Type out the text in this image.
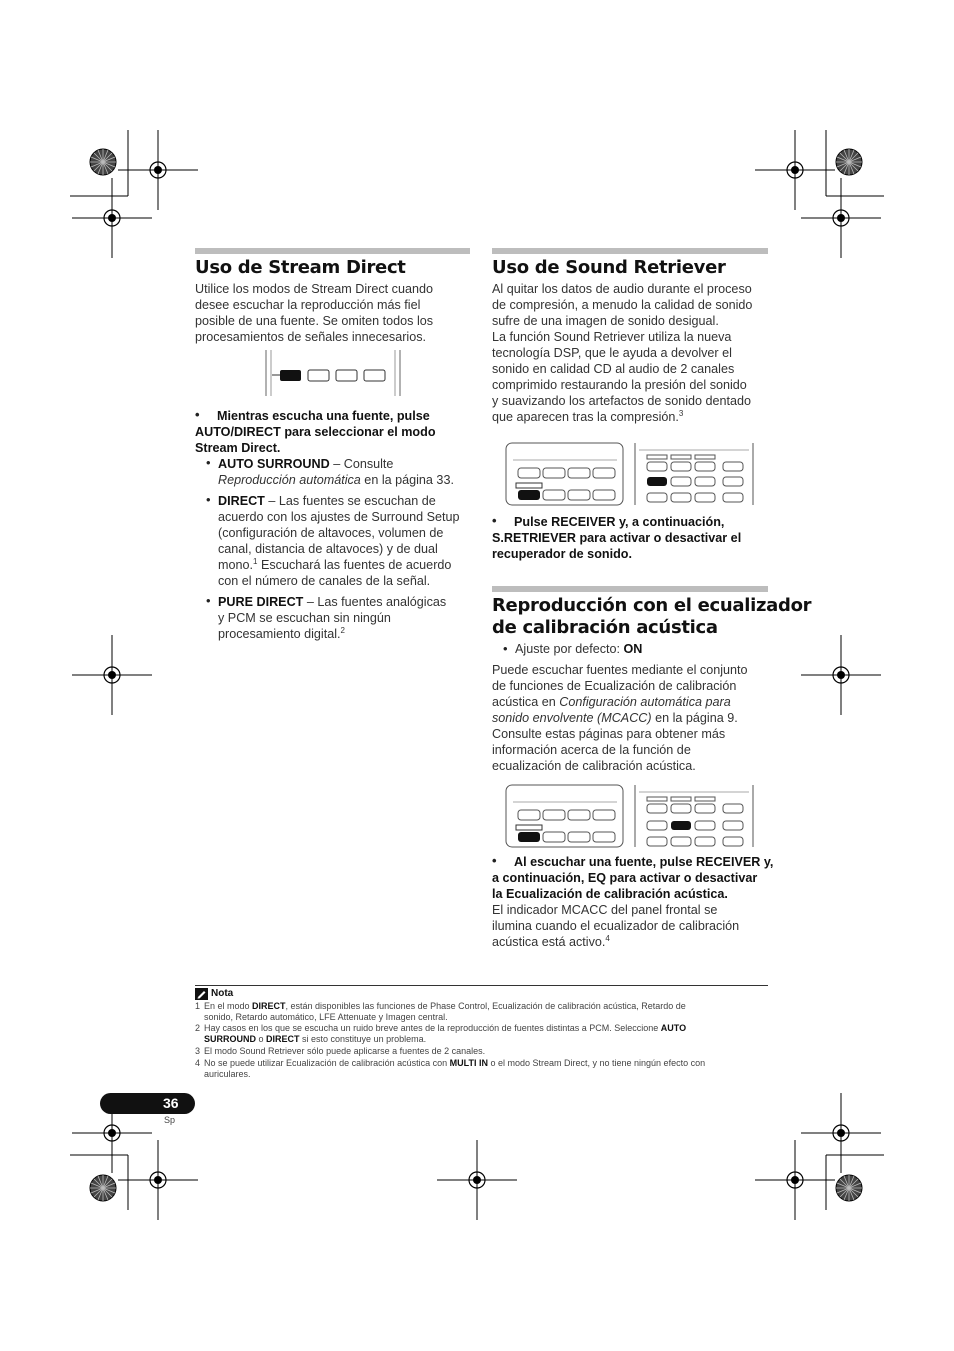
Uso de Stream Direct

Utilice los modos de Stream Direct cuando
desee escuchar la reproducción más fiel
posible de una fuente. Se omiten todos los
procesamientos de señales innecesarios.

•	Mientras escucha una fuente, pulse
AUTO/DIRECT para seleccionar el modo
Stream Direct.

• AUTO SURROUND – Consulte
Reproducción automática en la página 33.

• DIRECT – Las fuentes se escuchan de
acuerdo con los ajustes de Surround Setup
(configuración de altavoces, volumen de
canal, distancia de altavoces) y de dual
mono.$^1$ Escuchará las fuentes de acuerdo
con el número de canales de la señal.

• PURE DIRECT – Las fuentes analógicas
y PCM se escuchan sin ningún
procesamiento digital.$^2$

Uso de Sound Retriever

Al quitar los datos de audio durante el proceso
de compresión, a menudo la calidad de sonido
sufre de una imagen de sonido desigual.
La función Sound Retriever utiliza la nueva
tecnología DSP, que le ayuda a devolver el
sonido en calidad CD al audio de 2 canales
comprimido restaurando la presión del sonido
y suavizando los artefactos de sonido dentado
que aparecen tras la compresión.$^3$

•	Pulse RECEIVER y, a continuación,
S.RETRIEVER para activar o desactivar el
recuperador de sonido.

Reproducción con el ecualizador
de calibración acústica
• Ajuste por defecto: ON

Puede escuchar fuentes mediante el conjunto
de funciones de Ecualización de calibración
acústica en Configuración automática para
sonido envolvente (MCACC) en la página 9.
Consulte estas páginas para obtener más
información acerca de la función de
ecualización de calibración acústica.

•	Al escuchar una fuente, pulse RECEIVER y,
a continuación, EQ para activar o desactivar
la Ecualización de calibración acústica.

El indicador MCACC del panel frontal se
ilumina cuando el ecualizador de calibración
acústica está activo.$^4$

Nota
1 En el modo DIRECT, están disponibles las funciones de Phase Control, Ecualización de calibración acústica, Retardo de
sonido, Retardo automático, LFE Attenuate y Imagen central.
2 Hay casos en los que se escucha un ruido breve antes de la reproducción de fuentes distintas a PCM. Seleccione AUTO
SURROUND o DIRECT si esto constituye un problema.
3 El modo Sound Retriever sólo puede aplicarse a fuentes de 2 canales.
4 No se puede utilizar Ecualización de calibración acústica con MULTI IN o el modo Stream Direct, y no tiene ningún efecto con
auriculares.
36
Sp
